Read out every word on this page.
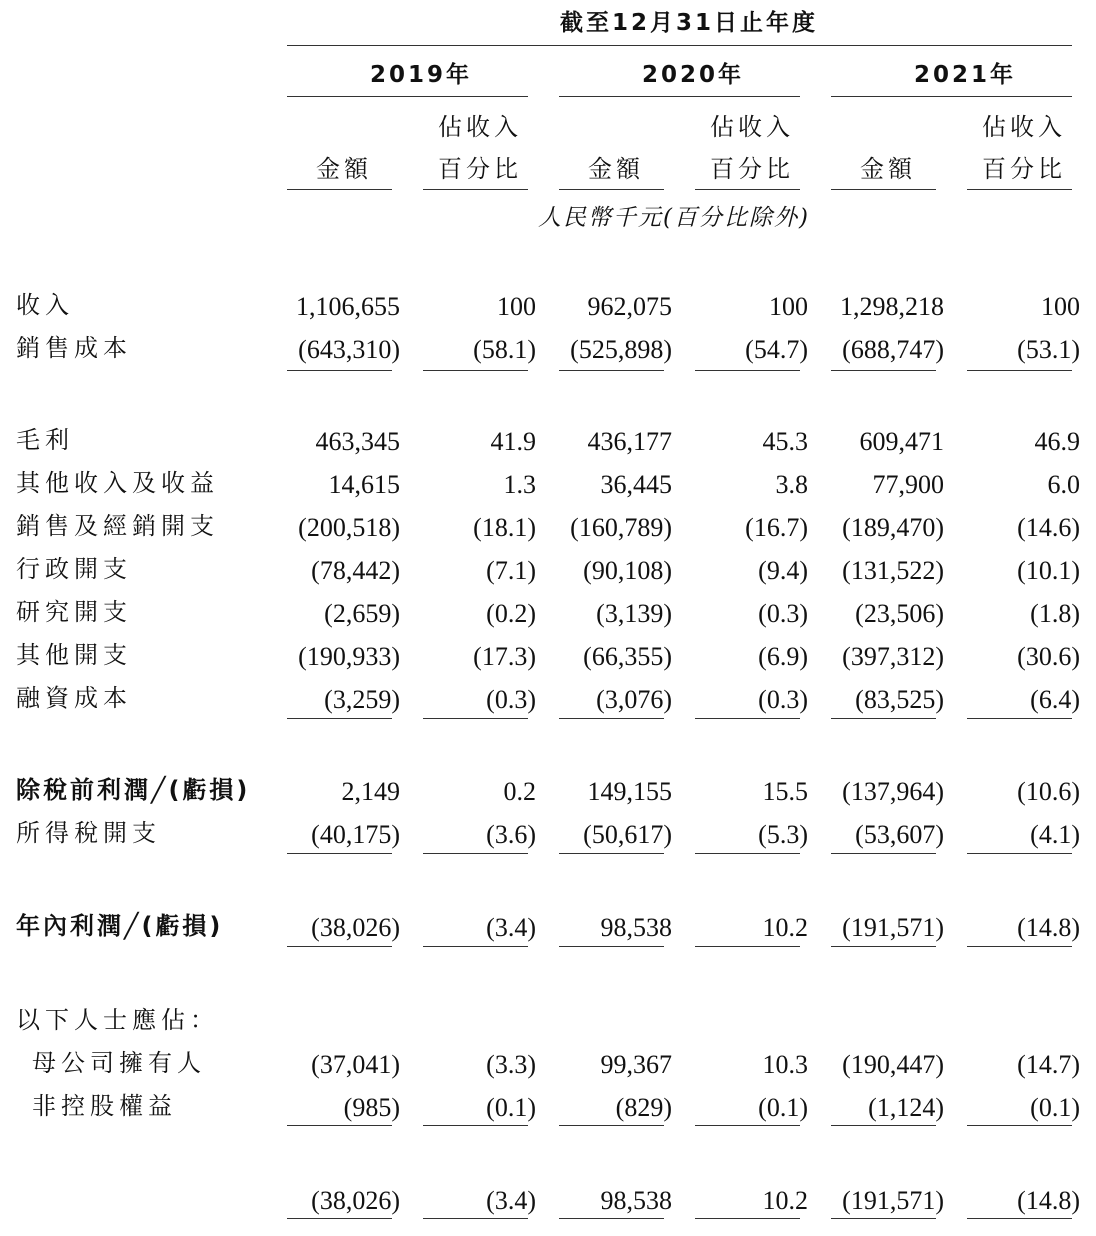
截至12月31日止年度
2019年	2020年	2021年
佔收入	佔收入	佔收入
金額	百分比	金額	百分比	金額	百分比
人民幣千元(百分比除外)
收入	1,106,655	100 962,075	100 1,298,218	100
銷售成本	(643,310)	(58.1) (525,898)	(54.7) (688,747)	(53.1)
毛利	463,345	41.9 436,177	45.3 609,471	46.9
其他收入及收益	14,615	1.3 36,445	3.8 77,900	6.0
銷售及經銷開支	(200,518)	(18.1) (160,789)	(16.7) (189,470)	(14.6)
行政開支	(78,442)	(7.1) (90,108)	(9.4) (131,522)	(10.1)
研究開支	(2,659)	(0.2) (3,139)	(0.3) (23,506)	(1.8)
其他開支	(190,933)	(17.3) (66,355)	(6.9) (397,312)	(30.6)
融資成本	(3,259)	(0.3) (3,076)	(0.3) (83,525)	(6.4)
除稅前利潤╱(虧損)	2,149	0.2 149,155	15.5 (137,964)	(10.6)
所得稅開支	(40,175)	(3.6) (50,617)	(5.3) (53,607)	(4.1)
年內利潤╱(虧損)	(38,026)	(3.4) 98,538	10.2 (191,571)	(14.8)
以下人士應佔：
母公司擁有人	(37,041)	(3.3) 99,367	10.3 (190,447)	(14.7)
非控股權益	(985)	(0.1)	(829)	(0.1) (1,124)	(0.1)
(38,026)	(3.4) 98,538	10.2 (191,571)	(14.8)
